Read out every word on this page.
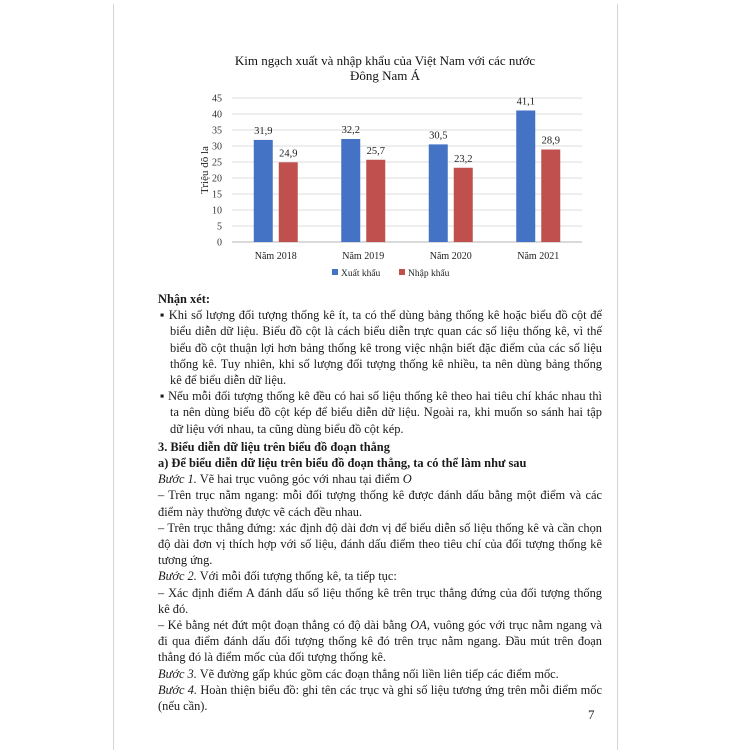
Kim ngạch xuất và nhập khẩu của Việt Nam với các nước
Đông Nam Á
0
5
10
15
20
25
30
35
40
45
Triệu đô la
31,9
24,9
Năm 2018
32,2
25,7
Năm 2019
30,5
23,2
Năm 2020
41,1
28,9
Năm 2021
Xuất khẩu	Nhập khẩu

Nhận xét:

▪ Khi số lượng đối tượng thống kê ít, ta có thể dùng bảng thống kê hoặc biểu đồ cột để biểu diễn dữ liệu. Biểu đồ cột là cách biểu diễn trực quan các số liệu thống kê, vì thế biểu đồ cột thuận lợi hơn bảng thống kê trong việc nhận biết đặc điểm của các số liệu thống kê. Tuy nhiên, khi số lượng đối tượng thống kê nhiều, ta nên dùng bảng thống kê để biểu diễn dữ liệu.

▪ Nếu mỗi đối tượng thống kê đều có hai số liệu thống kê theo hai tiêu chí khác nhau thì ta nên dùng biểu đồ cột kép để biểu diễn dữ liệu. Ngoài ra, khi muốn so sánh hai tập dữ liệu với nhau, ta cũng dùng biểu đồ cột kép.

3. Biểu diễn dữ liệu trên biểu đồ đoạn thẳng

a) Để biểu diễn dữ liệu trên biểu đồ đoạn thẳng, ta có thể làm như sau

Bước 1. Vẽ hai trục vuông góc với nhau tại điểm O

– Trên trục nằm ngang: mỗi đối tượng thống kê được đánh dấu bằng một điểm và các điểm này thường được vẽ cách đều nhau.

– Trên trục thẳng đứng: xác định độ dài đơn vị để biểu diễn số liệu thống kê và cần chọn độ dài đơn vị thích hợp với số liệu, đánh dấu điểm theo tiêu chí của đối tượng thống kê tương ứng.

Bước 2. Với mỗi đối tượng thống kê, ta tiếp tục:

– Xác định điểm A đánh dấu số liệu thống kê trên trục thẳng đứng của đối tượng thống kê đó.

– Kẻ bằng nét đứt một đoạn thẳng có độ dài bằng OA, vuông góc với trục nằm ngang và đi qua điểm đánh dấu đối tượng thống kê đó trên trục nằm ngang. Đầu mút trên đoạn thẳng đó là điểm mốc của đối tượng thống kê.

Bước 3. Vẽ đường gấp khúc gồm các đoạn thẳng nối liền liên tiếp các điểm mốc.

Bước 4. Hoàn thiện biểu đồ: ghi tên các trục và ghi số liệu tương ứng trên mỗi điểm mốc (nếu cần).

7
